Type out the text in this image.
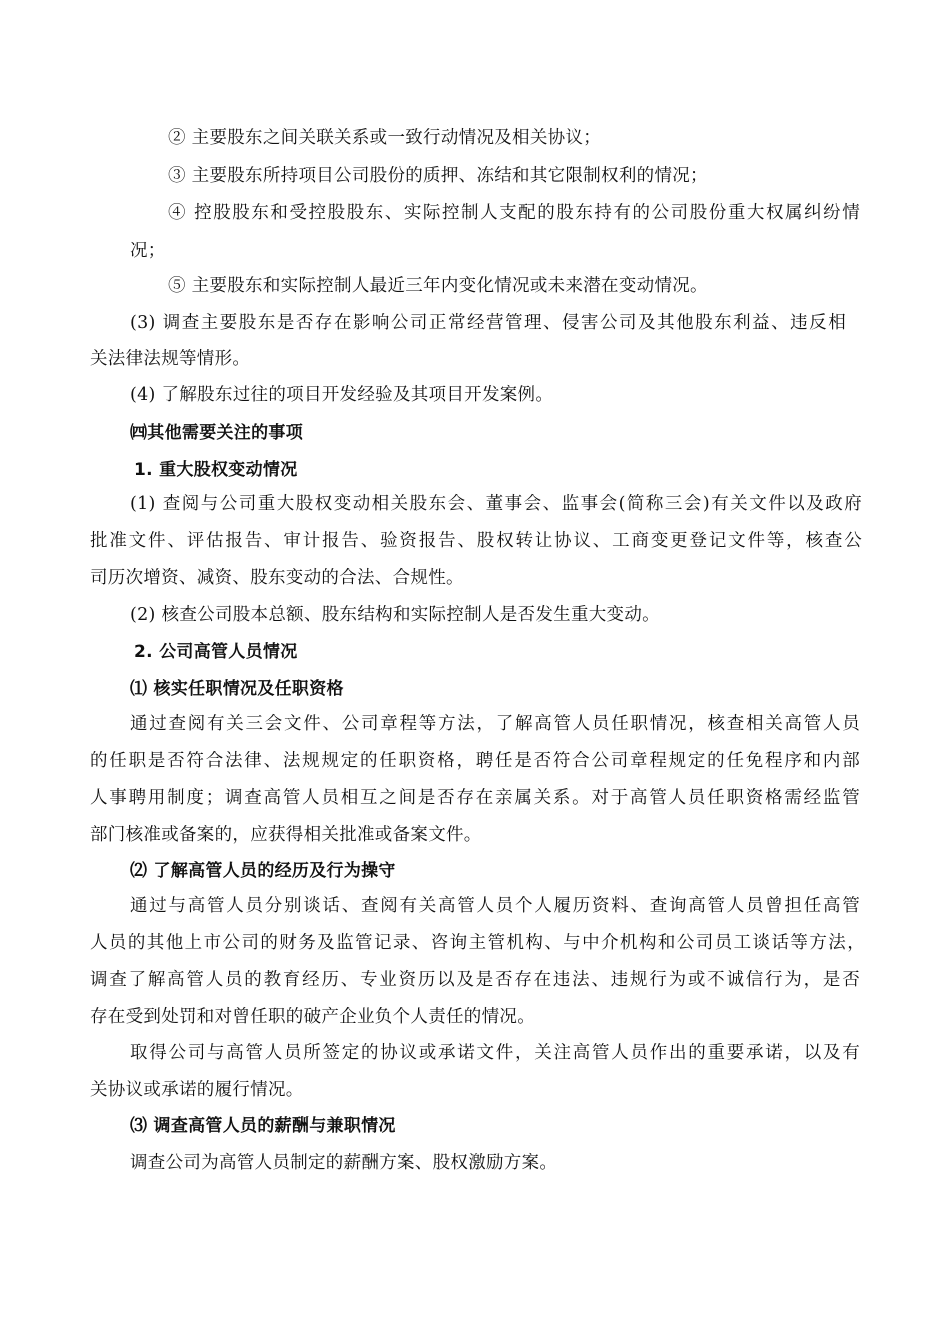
② 主要股东之间关联关系或一致行动情况及相关协议；
③ 主要股东所持项目公司股份的质押、冻结和其它限制权利的情况；
④ 控股股东和受控股股东、实际控制人支配的股东持有的公司股份重大权属纠纷情
况；
⑤ 主要股东和实际控制人最近三年内变化情况或未来潜在变动情况。
(3) 调查主要股东是否存在影响公司正常经营管理、侵害公司及其他股东利益、违反相
关法律法规等情形。
(4) 了解股东过往的项目开发经验及其项目开发案例。
㈣其他需要关注的事项
1. 重大股权变动情况
(1) 查阅与公司重大股权变动相关股东会、董事会、监事会(简称三会)有关文件以及政府
批准文件、评估报告、审计报告、验资报告、股权转让协议、工商变更登记文件等，核查公
司历次增资、减资、股东变动的合法、合规性。
(2) 核查公司股本总额、股东结构和实际控制人是否发生重大变动。
2. 公司高管人员情况
⑴ 核实任职情况及任职资格
通过查阅有关三会文件、公司章程等方法，了解高管人员任职情况，核查相关高管人员
的任职是否符合法律、法规规定的任职资格，聘任是否符合公司章程规定的任免程序和内部
人事聘用制度；调查高管人员相互之间是否存在亲属关系。对于高管人员任职资格需经监管
部门核准或备案的，应获得相关批准或备案文件。
⑵ 了解高管人员的经历及行为操守
通过与高管人员分别谈话、查阅有关高管人员个人履历资料、查询高管人员曾担任高管
人员的其他上市公司的财务及监管记录、咨询主管机构、与中介机构和公司员工谈话等方法，
调查了解高管人员的教育经历、专业资历以及是否存在违法、违规行为或不诚信行为，是否
存在受到处罚和对曾任职的破产企业负个人责任的情况。
取得公司与高管人员所签定的协议或承诺文件，关注高管人员作出的重要承诺，以及有
关协议或承诺的履行情况。
⑶ 调查高管人员的薪酬与兼职情况
调查公司为高管人员制定的薪酬方案、股权激励方案。
